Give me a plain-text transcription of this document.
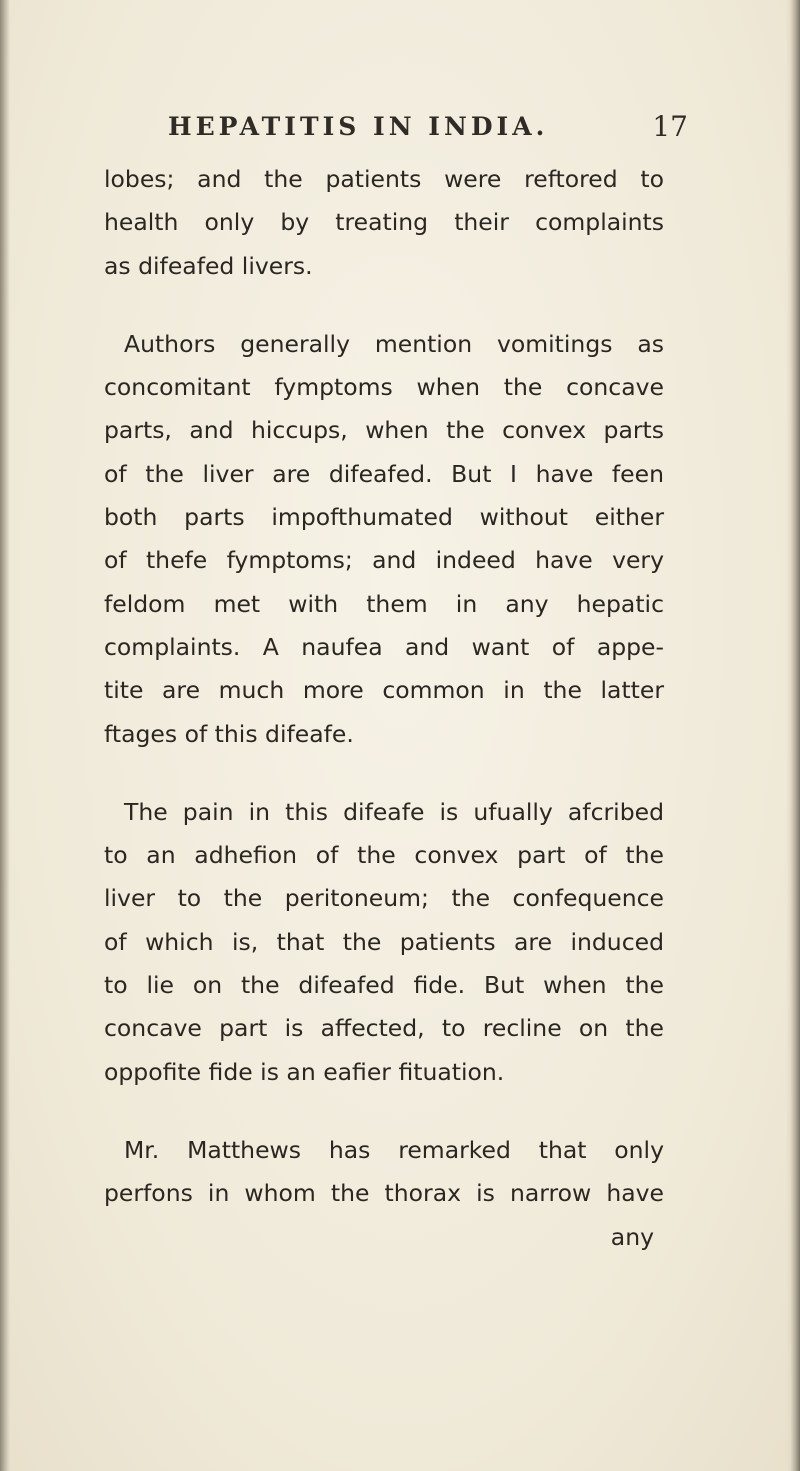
HEPATITIS IN INDIA.	17
lobes; and the patients were reftored to
health only by treating their complaints
as difeafed livers.
Authors generally mention vomitings as
concomitant fymptoms when the concave
parts, and hiccups, when the convex parts
of the liver are difeafed. But I have feen
both parts impofthumated without either
of thefe fymptoms; and indeed have very
feldom met with them in any hepatic
complaints. A naufea and want of appe-
tite are much more common in the latter
ftages of this difeafe.
The pain in this difeafe is ufually afcribed
to an adhefion of the convex part of the
liver to the peritoneum; the confequence
of which is, that the patients are induced
to lie on the difeafed fide. But when the
concave part is affected, to recline on the
oppofite fide is an eafier fituation.
Mr. Matthews has remarked that only
perfons in whom the thorax is narrow have
any
